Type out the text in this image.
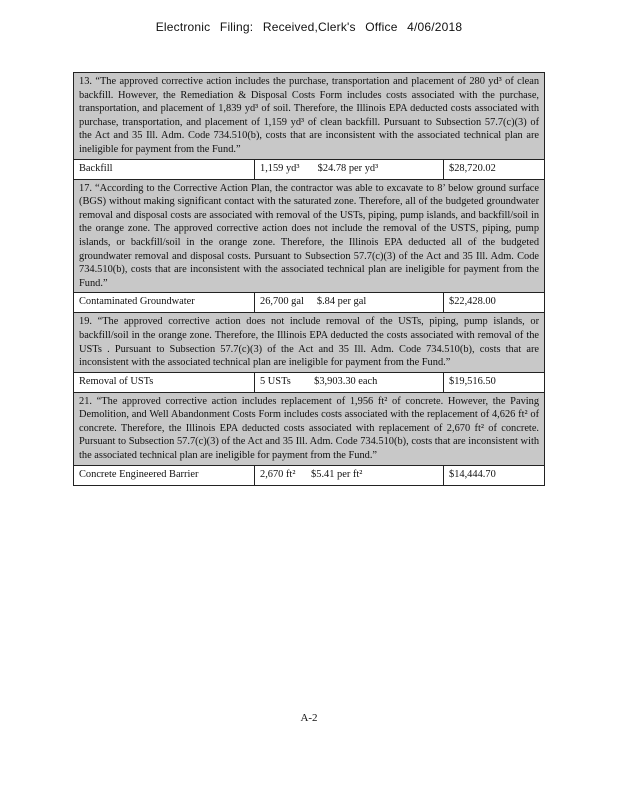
Electronic Filing: Received,Clerk's Office 4/06/2018
13. “The approved corrective action includes the purchase, transportation and placement of 280 yd³ of clean backfill. However, the Remediation & Disposal Costs Form includes costs associated with the purchase, transportation, and placement of 1,839 yd³ of soil. Therefore, the Illinois EPA deducted costs associated with purchase, transportation, and placement of 1,159 yd³ of clean backfill. Pursuant to Subsection 57.7(c)(3) of the Act and 35 Ill. Adm. Code 734.510(b), costs that are inconsistent with the associated technical plan are ineligible for payment from the Fund.”		
Backfill	1,159 yd³ $24.78 per yd³	$28,720.02
17. “According to the Corrective Action Plan, the contractor was able to excavate to 8’ below ground surface (BGS) without making significant contact with the saturated zone. Therefore, all of the budgeted groundwater removal and disposal costs are associated with removal of the USTs, piping, pump islands, and backfill/soil in the orange zone. The approved corrective action does not include the removal of the USTS, piping, pump islands, or backfill/soil in the orange zone. Therefore, the Illinois EPA deducted all of the budgeted groundwater removal and disposal costs. Pursuant to Subsection 57.7(c)(3) of the Act and 35 Ill. Adm. Code 734.510(b), costs that are inconsistent with the associated technical plan are ineligible for payment from the Fund.”		
Contaminated Groundwater	26,700 gal $.84 per gal	$22,428.00
19. “The approved corrective action does not include removal of the USTs, piping, pump islands, or backfill/soil in the orange zone. Therefore, the Illinois EPA deducted the costs associated with removal of the USTs . Pursuant to Subsection 57.7(c)(3) of the Act and 35 Ill. Adm. Code 734.510(b), costs that are inconsistent with the associated technical plan are ineligible for payment from the Fund.”		
Removal of USTs	5 USTs $3,903.30 each	$19,516.50
21. “The approved corrective action includes replacement of 1,956 ft² of concrete. However, the Paving Demolition, and Well Abandonment Costs Form includes costs associated with the replacement of 4,626 ft² of concrete. Therefore, the Illinois EPA deducted costs associated with replacement of 2,670 ft² of concrete. Pursuant to Subsection 57.7(c)(3) of the Act and 35 Ill. Adm. Code 734.510(b), costs that are inconsistent with the associated technical plan are ineligible for payment from the Fund.”		
Concrete Engineered Barrier	2,670 ft² $5.41 per ft²	$14,444.70
A-2
